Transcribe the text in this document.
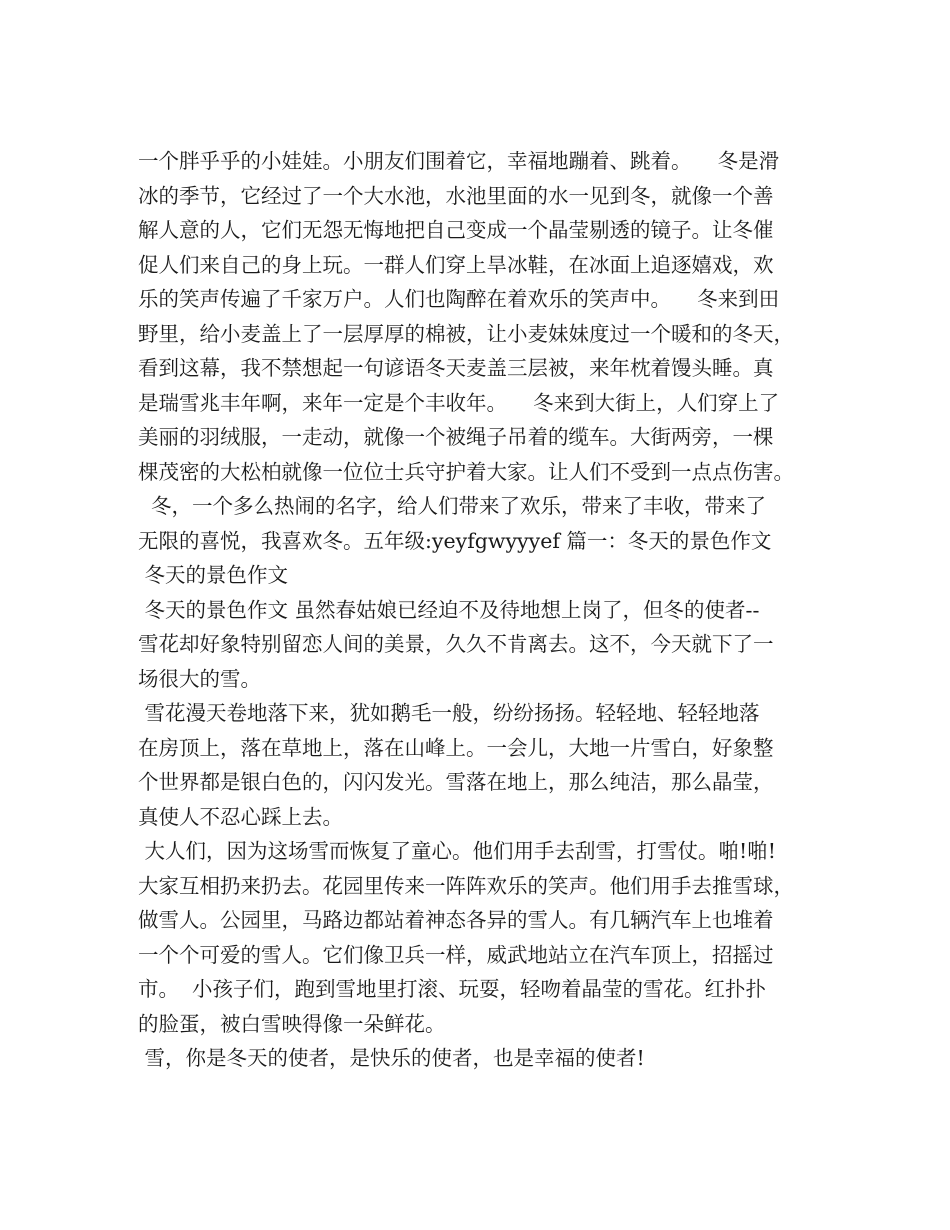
一个胖乎乎的小娃娃。小朋友们围着它，幸福地蹦着、跳着。    冬是滑
冰的季节，它经过了一个大水池，水池里面的水一见到冬，就像一个善
解人意的人，它们无怨无悔地把自己变成一个晶莹剔透的镜子。让冬催
促人们来自己的身上玩。一群人们穿上旱冰鞋，在冰面上追逐嬉戏，欢
乐的笑声传遍了千家万户。人们也陶醉在着欢乐的笑声中。    冬来到田
野里，给小麦盖上了一层厚厚的棉被，让小麦妹妹度过一个暖和的冬天，
看到这幕，我不禁想起一句谚语冬天麦盖三层被，来年枕着馒头睡。真
是瑞雪兆丰年啊，来年一定是个丰收年。    冬来到大街上，人们穿上了
美丽的羽绒服，一走动，就像一个被绳子吊着的缆车。大街两旁，一棵
棵茂密的大松柏就像一位位士兵守护着大家。让人们不受到一点点伤害。
冬，一个多么热闹的名字，给人们带来了欢乐，带来了丰收，带来了
无限的喜悦，我喜欢冬。五年级:yeyfgwyyyef 篇一：冬天的景色作文
冬天的景色作文
冬天的景色作文 虽然春姑娘已经迫不及待地想上岗了，但冬的使者--
雪花却好象特别留恋人间的美景，久久不肯离去。这不，今天就下了一
场很大的雪。
雪花漫天卷地落下来，犹如鹅毛一般，纷纷扬扬。轻轻地、轻轻地落
在房顶上，落在草地上，落在山峰上。一会儿，大地一片雪白，好象整
个世界都是银白色的，闪闪发光。雪落在地上，那么纯洁，那么晶莹，
真使人不忍心踩上去。
大人们，因为这场雪而恢复了童心。他们用手去刮雪，打雪仗。啪!啪!
大家互相扔来扔去。花园里传来一阵阵欢乐的笑声。他们用手去推雪球，
做雪人。公园里，马路边都站着神态各异的雪人。有几辆汽车上也堆着
一个个可爱的雪人。它们像卫兵一样，威武地站立在汽车顶上，招摇过
市。  小孩子们，跑到雪地里打滚、玩耍，轻吻着晶莹的雪花。红扑扑
的脸蛋，被白雪映得像一朵鲜花。
雪，你是冬天的使者，是快乐的使者，也是幸福的使者!
